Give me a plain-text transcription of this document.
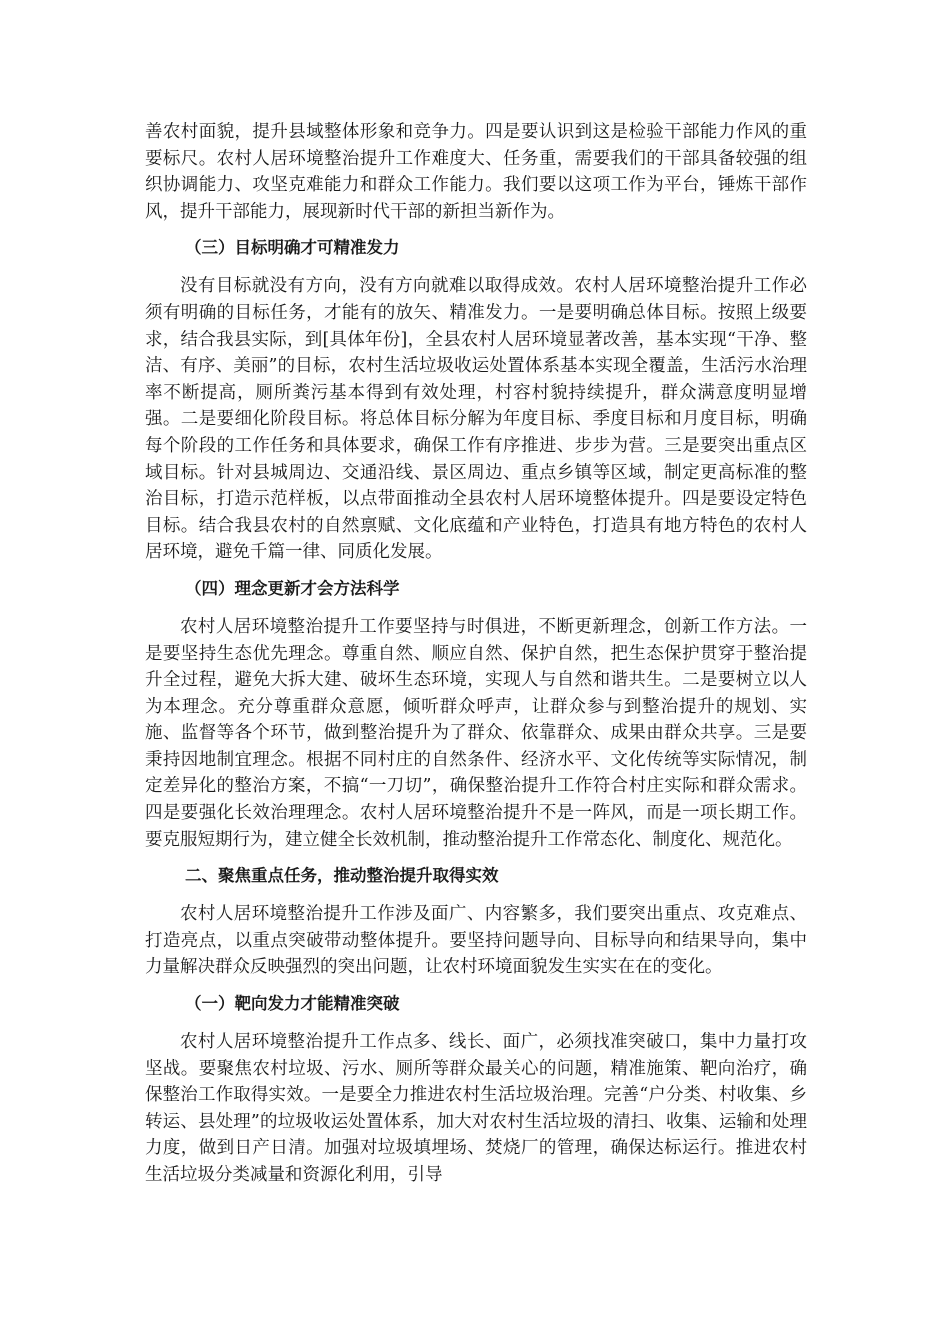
善农村面貌，提升县域整体形象和竞争力。四是要认识到这是检验干部能力作风的重要标尺。农村人居环境整治提升工作难度大、任务重，需要我们的干部具备较强的组织协调能力、攻坚克难能力和群众工作能力。我们要以这项工作为平台，锤炼干部作风，提升干部能力，展现新时代干部的新担当新作为。

（三）目标明确才可精准发力

没有目标就没有方向，没有方向就难以取得成效。农村人居环境整治提升工作必须有明确的目标任务，才能有的放矢、精准发力。一是要明确总体目标。按照上级要求，结合我县实际，到[具体年份]，全县农村人居环境显著改善，基本实现“干净、整洁、有序、美丽”的目标，农村生活垃圾收运处置体系基本实现全覆盖，生活污水治理率不断提高，厕所粪污基本得到有效处理，村容村貌持续提升，群众满意度明显增强。二是要细化阶段目标。将总体目标分解为年度目标、季度目标和月度目标，明确每个阶段的工作任务和具体要求，确保工作有序推进、步步为营。三是要突出重点区域目标。针对县城周边、交通沿线、景区周边、重点乡镇等区域，制定更高标准的整治目标，打造示范样板，以点带面推动全县农村人居环境整体提升。四是要设定特色目标。结合我县农村的自然禀赋、文化底蕴和产业特色，打造具有地方特色的农村人居环境，避免千篇一律、同质化发展。

（四）理念更新才会方法科学

农村人居环境整治提升工作要坚持与时俱进，不断更新理念，创新工作方法。一是要坚持生态优先理念。尊重自然、顺应自然、保护自然，把生态保护贯穿于整治提升全过程，避免大拆大建、破坏生态环境，实现人与自然和谐共生。二是要树立以人为本理念。充分尊重群众意愿，倾听群众呼声，让群众参与到整治提升的规划、实施、监督等各个环节，做到整治提升为了群众、依靠群众、成果由群众共享。三是要秉持因地制宜理念。根据不同村庄的自然条件、经济水平、文化传统等实际情况，制定差异化的整治方案，不搞“一刀切”，确保整治提升工作符合村庄实际和群众需求。四是要强化长效治理理念。农村人居环境整治提升不是一阵风，而是一项长期工作。要克服短期行为，建立健全长效机制，推动整治提升工作常态化、制度化、规范化。

二、聚焦重点任务，推动整治提升取得实效

农村人居环境整治提升工作涉及面广、内容繁多，我们要突出重点、攻克难点、打造亮点，以重点突破带动整体提升。要坚持问题导向、目标导向和结果导向，集中力量解决群众反映强烈的突出问题，让农村环境面貌发生实实在在的变化。

（一）靶向发力才能精准突破

农村人居环境整治提升工作点多、线长、面广，必须找准突破口，集中力量打攻坚战。要聚焦农村垃圾、污水、厕所等群众最关心的问题，精准施策、靶向治疗，确保整治工作取得实效。一是要全力推进农村生活垃圾治理。完善“户分类、村收集、乡转运、县处理”的垃圾收运处置体系，加大对农村生活垃圾的清扫、收集、运输和处理力度，做到日产日清。加强对垃圾填埋场、焚烧厂的管理，确保达标运行。推进农村生活垃圾分类减量和资源化利用，引导
